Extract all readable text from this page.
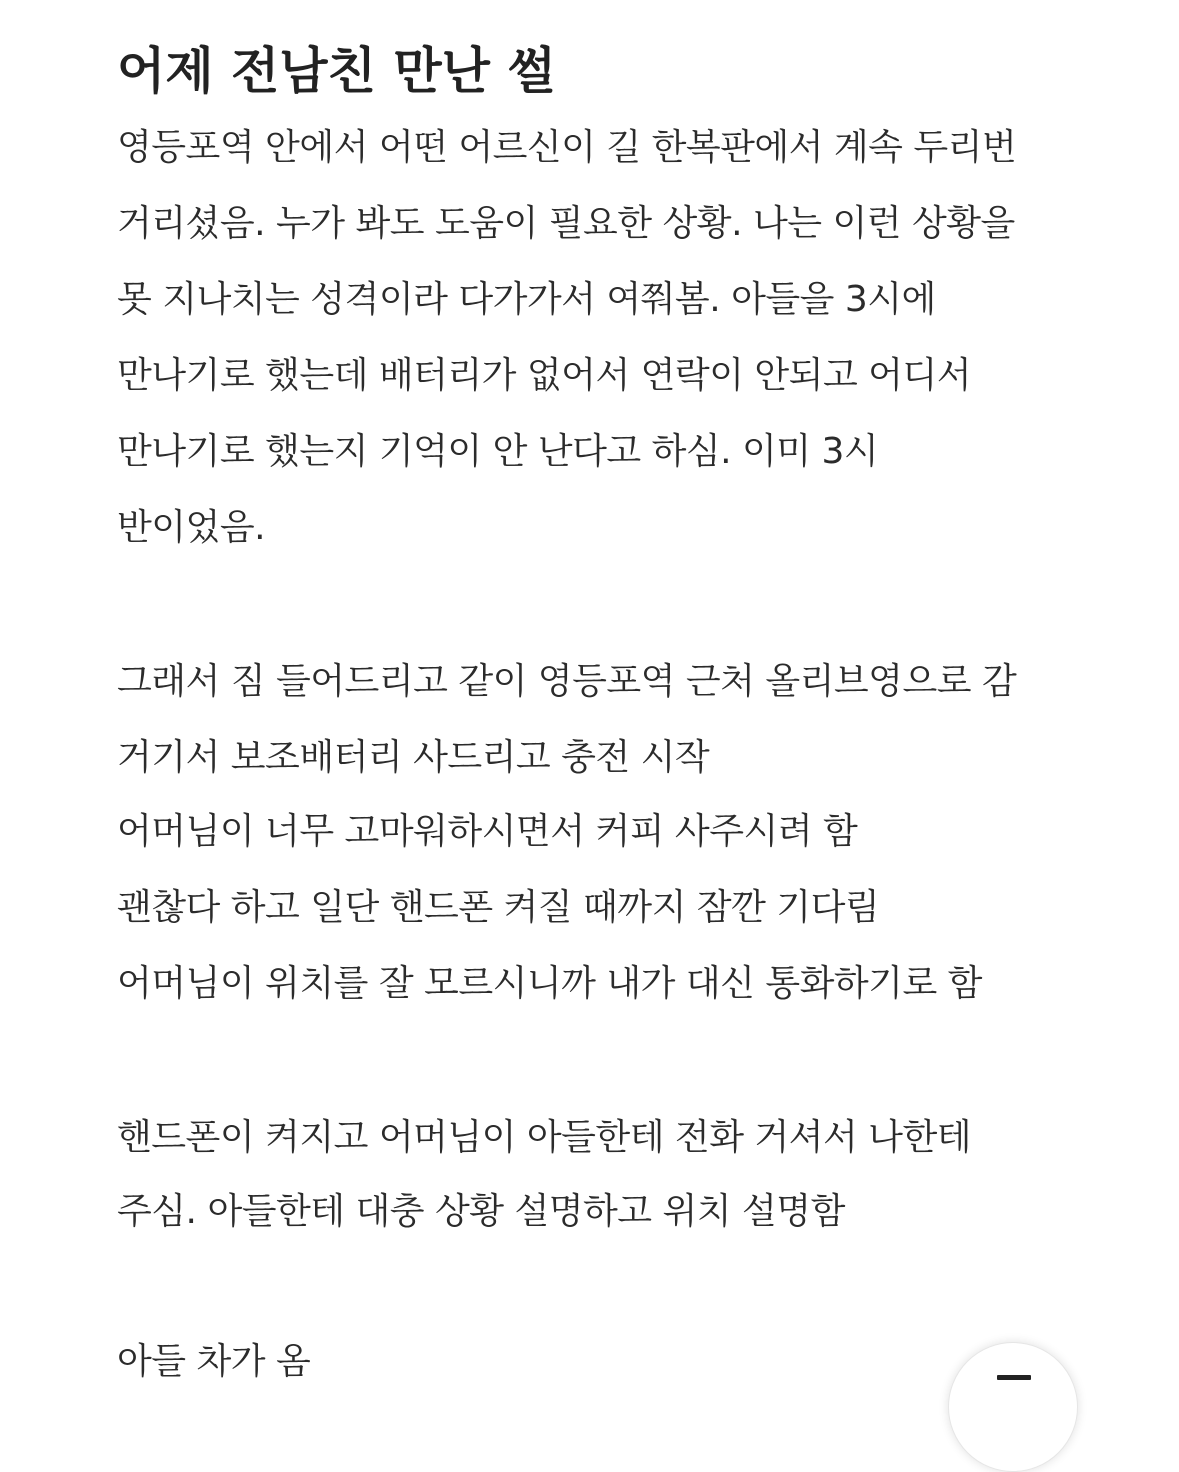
어제 전남친 만난 썰

영등포역 안에서 어떤 어르신이 길 한복판에서 계속 두리번

거리셨음. 누가 봐도 도움이 필요한 상황. 나는 이런 상황을

못 지나치는 성격이라 다가가서 여쭤봄. 아들을 3시에

만나기로 했는데 배터리가 없어서 연락이 안되고 어디서

만나기로 했는지 기억이 안 난다고 하심. 이미 3시

반이었음.

그래서 짐 들어드리고 같이 영등포역 근처 올리브영으로 감

거기서 보조배터리 사드리고 충전 시작

어머님이 너무 고마워하시면서 커피 사주시려 함

괜찮다 하고 일단 핸드폰 켜질 때까지 잠깐 기다림

어머님이 위치를 잘 모르시니까 내가 대신 통화하기로 함

핸드폰이 켜지고 어머님이 아들한테 전화 거셔서 나한테

주심. 아들한테 대충 상황 설명하고 위치 설명함

아들 차가 옴
